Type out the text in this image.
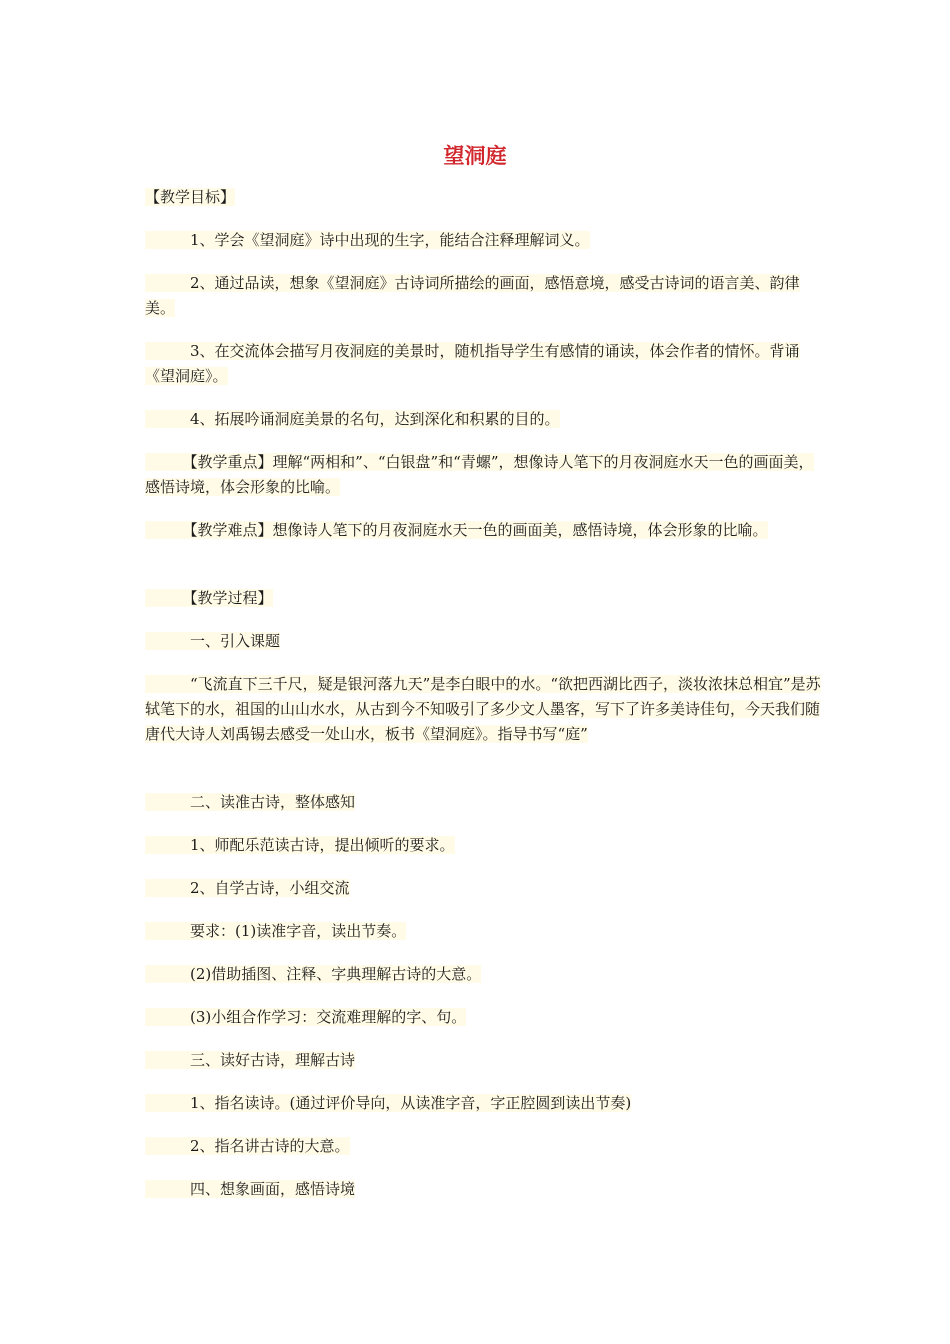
望洞庭

【教学目标】

　　　1、学会《望洞庭》诗中出现的生字，能结合注释理解词义。

　　　2、通过品读，想象《望洞庭》古诗词所描绘的画面，感悟意境，感受古诗词的语言美、韵律美。

　　　3、在交流体会描写月夜洞庭的美景时，随机指导学生有感情的诵读，体会作者的情怀。背诵《望洞庭》。

　　　4、拓展吟诵洞庭美景的名句，达到深化和积累的目的。

　　　【教学重点】理解“两相和”、“白银盘”和“青螺”，想像诗人笔下的月夜洞庭水天一色的画面美，感悟诗境，体会形象的比喻。

　　　【教学难点】想像诗人笔下的月夜洞庭水天一色的画面美，感悟诗境，体会形象的比喻。

　　　【教学过程】

　　　一、引入课题

　　　“飞流直下三千尺，疑是银河落九天”是李白眼中的水。“欲把西湖比西子，淡妆浓抹总相宜”是苏轼笔下的水，祖国的山山水水，从古到今不知吸引了多少文人墨客，写下了许多美诗佳句，今天我们随唐代大诗人刘禹锡去感受一处山水，板书《望洞庭》。指导书写“庭”

　　　二、读准古诗，整体感知

　　　1、师配乐范读古诗，提出倾听的要求。

　　　2、自学古诗，小组交流

　　　要求：(1)读准字音，读出节奏。

　　　(2)借助插图、注释、字典理解古诗的大意。

　　　(3)小组合作学习：交流难理解的字、句。

　　　三、读好古诗，理解古诗

　　　1、指名读诗。(通过评价导向，从读准字音，字正腔圆到读出节奏)

　　　2、指名讲古诗的大意。

　　　四、想象画面，感悟诗境
